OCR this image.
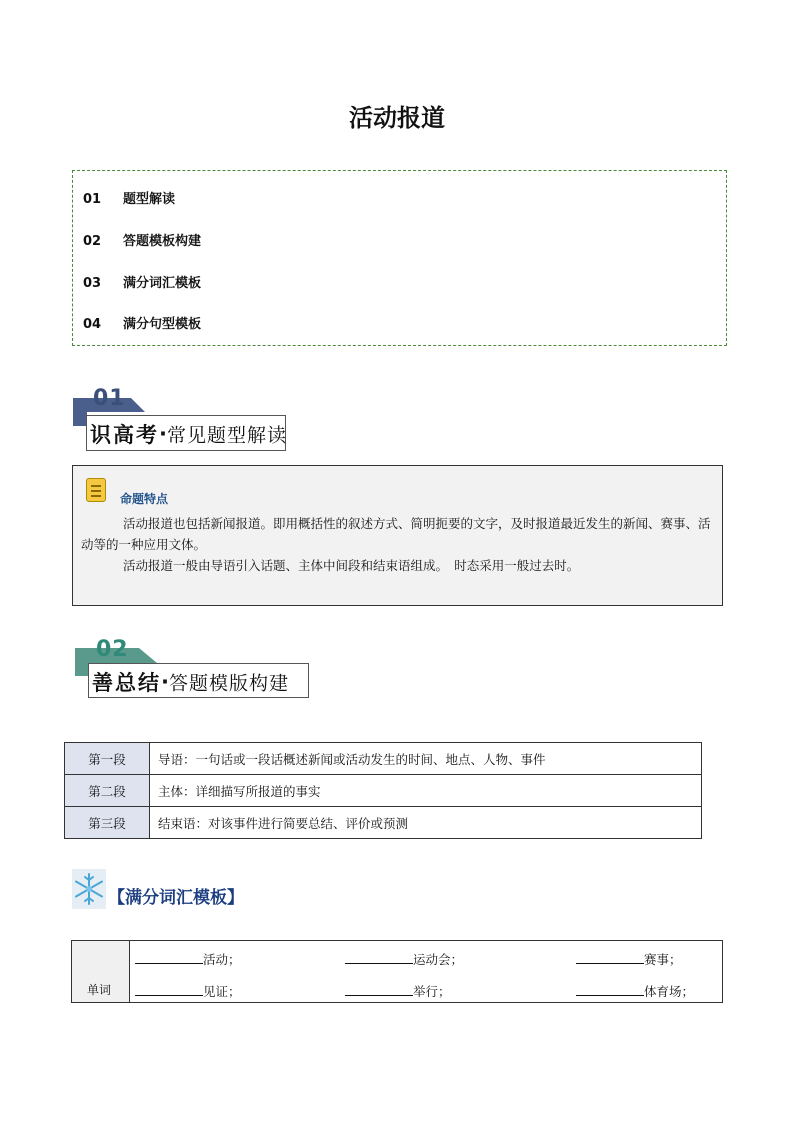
活动报道
01 题型解读
02 答题模板构建
03 满分词汇模板
04 满分句型模板
01
识高考·常见题型解读
命题特点
活动报道也包括新闻报道。即用概括性的叙述方式、简明扼要的文字，及时报道最近发生的新闻、赛事、活动等的一种应用文体。
活动报道一般由导语引入话题、主体中间段和结束语组成。　时态采用一般过去时。
02
善总结·答题模版构建
第一段	导语：一句话或一段话概述新闻或活动发生的时间、地点、人物、事件
第二段	主体：详细描写所报道的事实
第三段	结束语：对该事件进行简要总结、评价或预测
【满分词汇模板】
单词
活动；	运动会；	赛事；
见证；	举行；	体育场；
